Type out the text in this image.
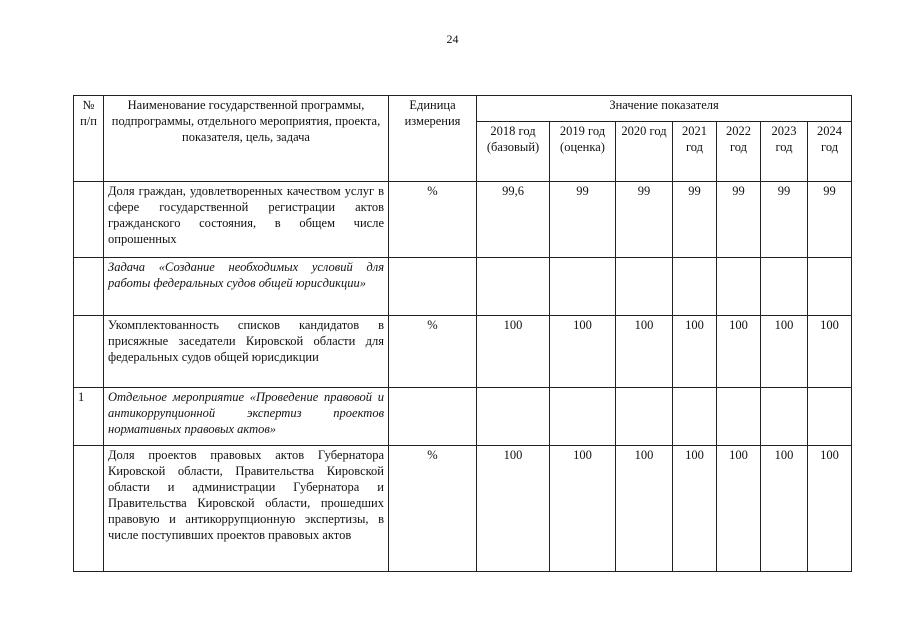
24
№ п/п	Наименование государственной программы, подпрограммы, отдельного мероприятия, проекта, показателя, цель, задача	Единица измерения	Значение показателя						
			2018 год (базовый)	2019 год (оценка)	2020 год	2021 год	2022 год	2023 год	2024 год
	Доля граждан, удовлетворенных качеством услуг в сфере государственной регистрации актов гражданского состояния, в общем числе опрошенных	%	99,6	99	99	99	99	99	99
	Задача «Создание необходимых условий для работы федеральных судов общей юрисдикции»								
	Укомплектованность списков кандидатов в присяжные заседатели Кировской области для федеральных судов общей юрисдикции	%	100	100	100	100	100	100	100
1	Отдельное мероприятие «Проведение правовой и антикоррупционной экспертиз проектов нормативных правовых актов»								
	Доля проектов правовых актов Губернатора Кировской области, Правительства Кировской области и администрации Губернатора и Правительства Кировской области, прошедших правовую и антикоррупционную экспертизы, в числе поступивших проектов правовых актов	%	100	100	100	100	100	100	100
